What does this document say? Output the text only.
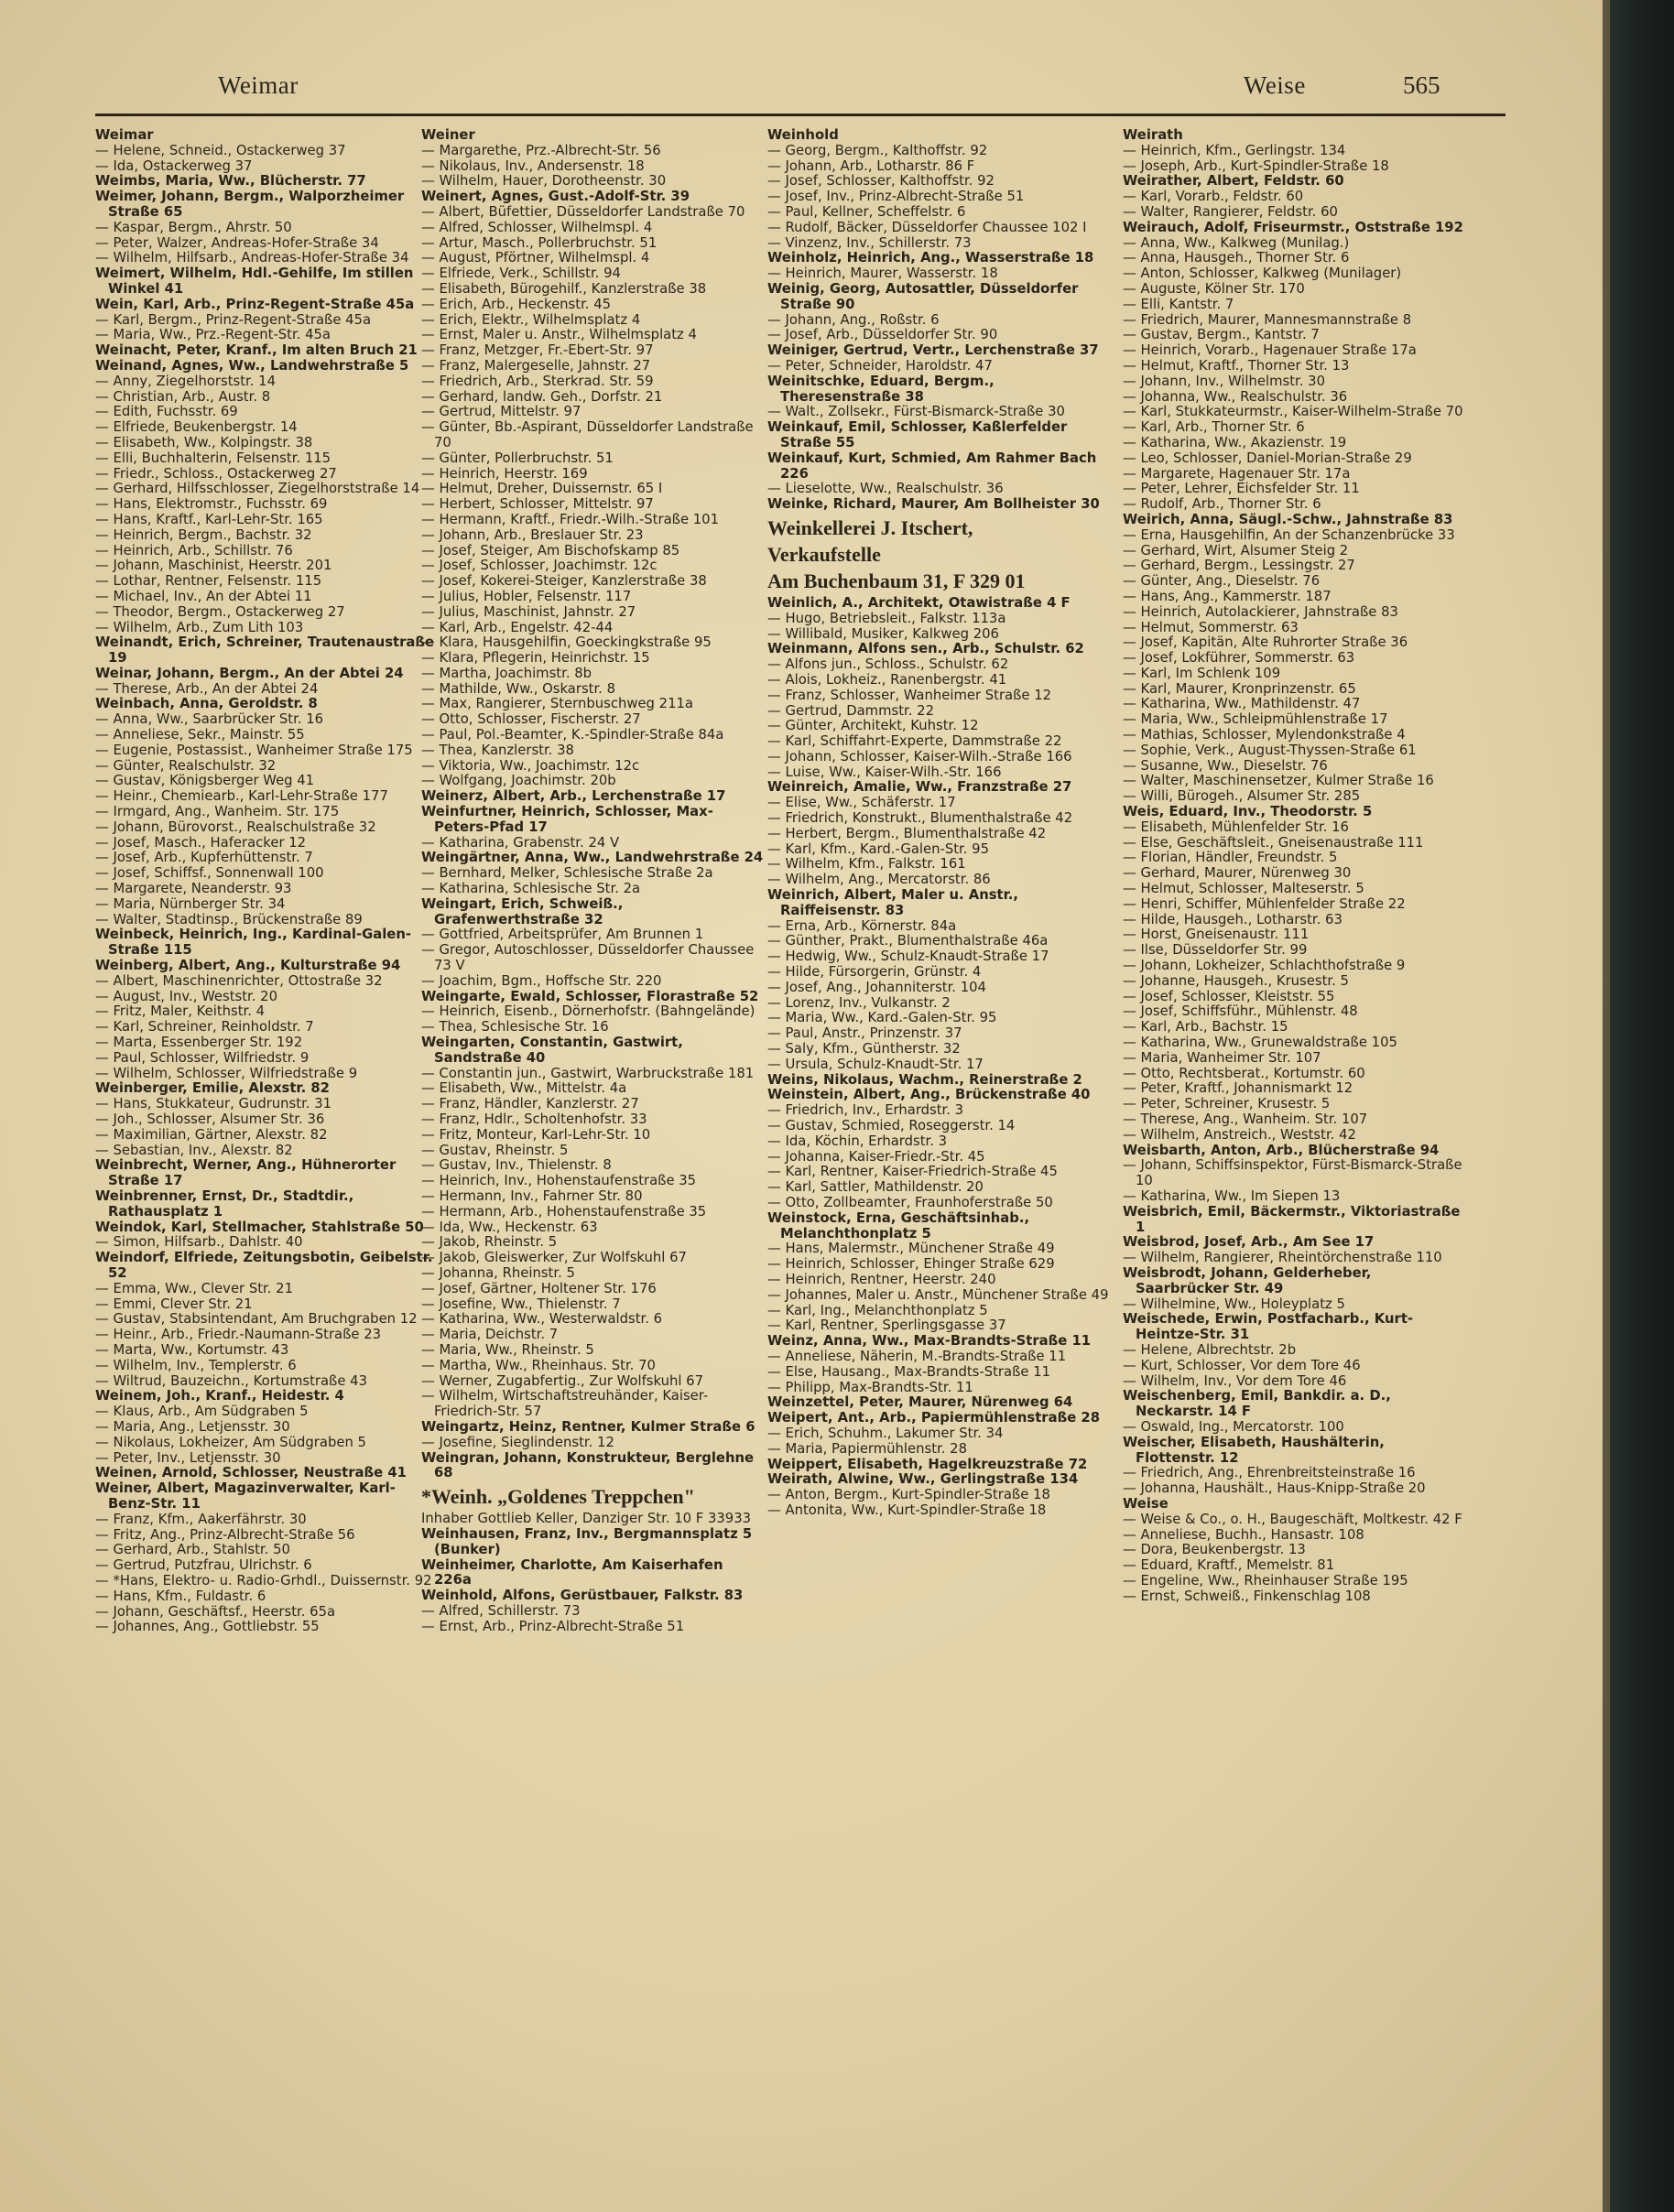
Weimar	Weise	565

Weimar

— Helene, Schneid., Ostackerweg 37

— Ida, Ostackerweg 37

Weimbs, Maria, Ww., Blücherstr. 77

Weimer, Johann, Bergm., Walporzheimer Straße 65

— Kaspar, Bergm., Ahrstr. 50

— Peter, Walzer, Andreas-Hofer-Straße 34

— Wilhelm, Hilfsarb., Andreas-Hofer-Straße 34

Weimert, Wilhelm, Hdl.-Gehilfe, Im stillen Winkel 41

Wein, Karl, Arb., Prinz-Regent-Straße 45a

— Karl, Bergm., Prinz-Regent-Straße 45a

— Maria, Ww., Prz.-Regent-Str. 45a

Weinacht, Peter, Kranf., Im alten Bruch 21

Weinand, Agnes, Ww., Landwehrstraße 5

— Anny, Ziegelhorststr. 14

— Christian, Arb., Austr. 8

— Edith, Fuchsstr. 69

— Elfriede, Beukenbergstr. 14

— Elisabeth, Ww., Kolpingstr. 38

— Elli, Buchhalterin, Felsenstr. 115

— Friedr., Schloss., Ostackerweg 27

— Gerhard, Hilfsschlosser, Ziegelhorststraße 14

— Hans, Elektromstr., Fuchsstr. 69

— Hans, Kraftf., Karl-Lehr-Str. 165

— Heinrich, Bergm., Bachstr. 32

— Heinrich, Arb., Schillstr. 76

— Johann, Maschinist, Heerstr. 201

— Lothar, Rentner, Felsenstr. 115

— Michael, Inv., An der Abtei 11

— Theodor, Bergm., Ostackerweg 27

— Wilhelm, Arb., Zum Lith 103

Weinandt, Erich, Schreiner, Trautenaustraße 19

Weinar, Johann, Bergm., An der Abtei 24

— Therese, Arb., An der Abtei 24

Weinbach, Anna, Geroldstr. 8

— Anna, Ww., Saarbrücker Str. 16

— Anneliese, Sekr., Mainstr. 55

— Eugenie, Postassist., Wanheimer Straße 175

— Günter, Realschulstr. 32

— Gustav, Königsberger Weg 41

— Heinr., Chemiearb., Karl-Lehr-Straße 177

— Irmgard, Ang., Wanheim. Str. 175

— Johann, Bürovorst., Realschulstraße 32

— Josef, Masch., Haferacker 12

— Josef, Arb., Kupferhüttenstr. 7

— Josef, Schiffsf., Sonnenwall 100

— Margarete, Neanderstr. 93

— Maria, Nürnberger Str. 34

— Walter, Stadtinsp., Brückenstraße 89

Weinbeck, Heinrich, Ing., Kardinal-Galen-Straße 115

Weinberg, Albert, Ang., Kulturstraße 94

— Albert, Maschinenrichter, Ottostraße 32

— August, Inv., Weststr. 20

— Fritz, Maler, Keithstr. 4

— Karl, Schreiner, Reinholdstr. 7

— Marta, Essenberger Str. 192

— Paul, Schlosser, Wilfriedstr. 9

— Wilhelm, Schlosser, Wilfriedstraße 9

Weinberger, Emilie, Alexstr. 82

— Hans, Stukkateur, Gudrunstr. 31

— Joh., Schlosser, Alsumer Str. 36

— Maximilian, Gärtner, Alexstr. 82

— Sebastian, Inv., Alexstr. 82

Weinbrecht, Werner, Ang., Hühnerorter Straße 17

Weinbrenner, Ernst, Dr., Stadtdir., Rathausplatz 1

Weindok, Karl, Stellmacher, Stahlstraße 50

— Simon, Hilfsarb., Dahlstr. 40

Weindorf, Elfriede, Zeitungsbotin, Geibelstr. 52

— Emma, Ww., Clever Str. 21

— Emmi, Clever Str. 21

— Gustav, Stabsintendant, Am Bruchgraben 12

— Heinr., Arb., Friedr.-Naumann-Straße 23

— Marta, Ww., Kortumstr. 43

— Wilhelm, Inv., Templerstr. 6

— Wiltrud, Bauzeichn., Kortumstraße 43

Weinem, Joh., Kranf., Heidestr. 4

— Klaus, Arb., Am Südgraben 5

— Maria, Ang., Letjensstr. 30

— Nikolaus, Lokheizer, Am Südgraben 5

— Peter, Inv., Letjensstr. 30

Weinen, Arnold, Schlosser, Neustraße 41

Weiner, Albert, Magazinverwalter, Karl-Benz-Str. 11

— Franz, Kfm., Aakerfährstr. 30

— Fritz, Ang., Prinz-Albrecht-Straße 56

— Gerhard, Arb., Stahlstr. 50

— Gertrud, Putzfrau, Ulrichstr. 6

— *Hans, Elektro- u. Radio-Grhdl., Duissernstr. 92

— Hans, Kfm., Fuldastr. 6

— Johann, Geschäftsf., Heerstr. 65a

— Johannes, Ang., Gottliebstr. 55

Weiner

— Margarethe, Prz.-Albrecht-Str. 56

— Nikolaus, Inv., Andersenstr. 18

— Wilhelm, Hauer, Dorotheenstr. 30

Weinert, Agnes, Gust.-Adolf-Str. 39

— Albert, Büfettier, Düsseldorfer Landstraße 70

— Alfred, Schlosser, Wilhelmspl. 4

— Artur, Masch., Pollerbruchstr. 51

— August, Pförtner, Wilhelmspl. 4

— Elfriede, Verk., Schillstr. 94

— Elisabeth, Bürogehilf., Kanzlerstraße 38

— Erich, Arb., Heckenstr. 45

— Erich, Elektr., Wilhelmsplatz 4

— Ernst, Maler u. Anstr., Wilhelmsplatz 4

— Franz, Metzger, Fr.-Ebert-Str. 97

— Franz, Malergeselle, Jahnstr. 27

— Friedrich, Arb., Sterkrad. Str. 59

— Gerhard, landw. Geh., Dorfstr. 21

— Gertrud, Mittelstr. 97

— Günter, Bb.-Aspirant, Düsseldorfer Landstraße 70

— Günter, Pollerbruchstr. 51

— Heinrich, Heerstr. 169

— Helmut, Dreher, Duissernstr. 65 I

— Herbert, Schlosser, Mittelstr. 97

— Hermann, Kraftf., Friedr.-Wilh.-Straße 101

— Johann, Arb., Breslauer Str. 23

— Josef, Steiger, Am Bischofskamp 85

— Josef, Schlosser, Joachimstr. 12c

— Josef, Kokerei-Steiger, Kanzlerstraße 38

— Julius, Hobler, Felsenstr. 117

— Julius, Maschinist, Jahnstr. 27

— Karl, Arb., Engelstr. 42-44

— Klara, Hausgehilfin, Goeckingkstraße 95

— Klara, Pflegerin, Heinrichstr. 15

— Martha, Joachimstr. 8b

— Mathilde, Ww., Oskarstr. 8

— Max, Rangierer, Sternbuschweg 211a

— Otto, Schlosser, Fischerstr. 27

— Paul, Pol.-Beamter, K.-Spindler-Straße 84a

— Thea, Kanzlerstr. 38

— Viktoria, Ww., Joachimstr. 12c

— Wolfgang, Joachimstr. 20b

Weinerz, Albert, Arb., Lerchenstraße 17

Weinfurtner, Heinrich, Schlosser, Max-Peters-Pfad 17

— Katharina, Grabenstr. 24 V

Weingärtner, Anna, Ww., Landwehrstraße 24

— Bernhard, Melker, Schlesische Straße 2a

— Katharina, Schlesische Str. 2a

Weingart, Erich, Schweiß., Grafenwerthstraße 32

— Gottfried, Arbeitsprüfer, Am Brunnen 1

— Gregor, Autoschlosser, Düsseldorfer Chaussee 73 V

— Joachim, Bgm., Hoffsche Str. 220

Weingarte, Ewald, Schlosser, Florastraße 52

— Heinrich, Eisenb., Dörnerhofstr. (Bahngelände)

— Thea, Schlesische Str. 16

Weingarten, Constantin, Gastwirt, Sandstraße 40

— Constantin jun., Gastwirt, Warbruckstraße 181

— Elisabeth, Ww., Mittelstr. 4a

— Franz, Händler, Kanzlerstr. 27

— Franz, Hdlr., Scholtenhofstr. 33

— Fritz, Monteur, Karl-Lehr-Str. 10

— Gustav, Rheinstr. 5

— Gustav, Inv., Thielenstr. 8

— Heinrich, Inv., Hohenstaufenstraße 35

— Hermann, Inv., Fahrner Str. 80

— Hermann, Arb., Hohenstaufenstraße 35

— Ida, Ww., Heckenstr. 63

— Jakob, Rheinstr. 5

— Jakob, Gleiswerker, Zur Wolfskuhl 67

— Johanna, Rheinstr. 5

— Josef, Gärtner, Holtener Str. 176

— Josefine, Ww., Thielenstr. 7

— Katharina, Ww., Westerwaldstr. 6

— Maria, Deichstr. 7

— Maria, Ww., Rheinstr. 5

— Martha, Ww., Rheinhaus. Str. 70

— Werner, Zugabfertig., Zur Wolfskuhl 67

— Wilhelm, Wirtschaftstreuhänder, Kaiser-Friedrich-Str. 57

Weingartz, Heinz, Rentner, Kulmer Straße 6

— Josefine, Sieglindenstr. 12

Weingran, Johann, Konstrukteur, Berglehne 68

*Weinh. „Goldenes Treppchen"

Inhaber Gottlieb Keller, Danziger Str. 10 F 33933

Weinhausen, Franz, Inv., Bergmannsplatz 5 (Bunker)

Weinheimer, Charlotte, Am Kaiserhafen 226a

Weinhold, Alfons, Gerüstbauer, Falkstr. 83

— Alfred, Schillerstr. 73

— Ernst, Arb., Prinz-Albrecht-Straße 51

Weinhold

— Georg, Bergm., Kalthoffstr. 92

— Johann, Arb., Lotharstr. 86 F

— Josef, Schlosser, Kalthoffstr. 92

— Josef, Inv., Prinz-Albrecht-Straße 51

— Paul, Kellner, Scheffelstr. 6

— Rudolf, Bäcker, Düsseldorfer Chaussee 102 I

— Vinzenz, Inv., Schillerstr. 73

Weinholz, Heinrich, Ang., Wasserstraße 18

— Heinrich, Maurer, Wasserstr. 18

Weinig, Georg, Autosattler, Düsseldorfer Straße 90

— Johann, Ang., Roßstr. 6

— Josef, Arb., Düsseldorfer Str. 90

Weiniger, Gertrud, Vertr., Lerchenstraße 37

— Peter, Schneider, Haroldstr. 47

Weinitschke, Eduard, Bergm., Theresenstraße 38

— Walt., Zollsekr., Fürst-Bismarck-Straße 30

Weinkauf, Emil, Schlosser, Kaßlerfelder Straße 55

Weinkauf, Kurt, Schmied, Am Rahmer Bach 226

— Lieselotte, Ww., Realschulstr. 36

Weinke, Richard, Maurer, Am Bollheister 30

Weinkellerei J. Itschert,

Verkaufstelle

Am Buchenbaum 31, F 329 01

Weinlich, A., Architekt, Otawistraße 4 F

— Hugo, Betriebsleit., Falkstr. 113a

— Willibald, Musiker, Kalkweg 206

Weinmann, Alfons sen., Arb., Schulstr. 62

— Alfons jun., Schloss., Schulstr. 62

— Alois, Lokheiz., Ranenbergstr. 41

— Franz, Schlosser, Wanheimer Straße 12

— Gertrud, Dammstr. 22

— Günter, Architekt, Kuhstr. 12

— Karl, Schiffahrt-Experte, Dammstraße 22

— Johann, Schlosser, Kaiser-Wilh.-Straße 166

— Luise, Ww., Kaiser-Wilh.-Str. 166

Weinreich, Amalie, Ww., Franzstraße 27

— Elise, Ww., Schäferstr. 17

— Friedrich, Konstrukt., Blumenthalstraße 42

— Herbert, Bergm., Blumenthalstraße 42

— Karl, Kfm., Kard.-Galen-Str. 95

— Wilhelm, Kfm., Falkstr. 161

— Wilhelm, Ang., Mercatorstr. 86

Weinrich, Albert, Maler u. Anstr., Raiffeisenstr. 83

— Erna, Arb., Körnerstr. 84a

— Günther, Prakt., Blumenthalstraße 46a

— Hedwig, Ww., Schulz-Knaudt-Straße 17

— Hilde, Fürsorgerin, Grünstr. 4

— Josef, Ang., Johanniterstr. 104

— Lorenz, Inv., Vulkanstr. 2

— Maria, Ww., Kard.-Galen-Str. 95

— Paul, Anstr., Prinzenstr. 37

— Saly, Kfm., Güntherstr. 32

— Ursula, Schulz-Knaudt-Str. 17

Weins, Nikolaus, Wachm., Reinerstraße 2

Weinstein, Albert, Ang., Brückenstraße 40

— Friedrich, Inv., Erhardstr. 3

— Gustav, Schmied, Roseggerstr. 14

— Ida, Köchin, Erhardstr. 3

— Johanna, Kaiser-Friedr.-Str. 45

— Karl, Rentner, Kaiser-Friedrich-Straße 45

— Karl, Sattler, Mathildenstr. 20

— Otto, Zollbeamter, Fraunhoferstraße 50

Weinstock, Erna, Geschäftsinhab., Melanchthonplatz 5

— Hans, Malermstr., Münchener Straße 49

— Heinrich, Schlosser, Ehinger Straße 629

— Heinrich, Rentner, Heerstr. 240

— Johannes, Maler u. Anstr., Münchener Straße 49

— Karl, Ing., Melanchthonplatz 5

— Karl, Rentner, Sperlingsgasse 37

Weinz, Anna, Ww., Max-Brandts-Straße 11

— Anneliese, Näherin, M.-Brandts-Straße 11

— Else, Hausang., Max-Brandts-Straße 11

— Philipp, Max-Brandts-Str. 11

Weinzettel, Peter, Maurer, Nürenweg 64

Weipert, Ant., Arb., Papiermühlenstraße 28

— Erich, Schuhm., Lakumer Str. 34

— Maria, Papiermühlenstr. 28

Weippert, Elisabeth, Hagelkreuzstraße 72

Weirath, Alwine, Ww., Gerlingstraße 134

— Anton, Bergm., Kurt-Spindler-Straße 18

— Antonita, Ww., Kurt-Spindler-Straße 18

Weirath

— Heinrich, Kfm., Gerlingstr. 134

— Joseph, Arb., Kurt-Spindler-Straße 18

Weirather, Albert, Feldstr. 60

— Karl, Vorarb., Feldstr. 60

— Walter, Rangierer, Feldstr. 60

Weirauch, Adolf, Friseurmstr., Oststraße 192

— Anna, Ww., Kalkweg (Munilag.)

— Anna, Hausgeh., Thorner Str. 6

— Anton, Schlosser, Kalkweg (Munilager)

— Auguste, Kölner Str. 170

— Elli, Kantstr. 7

— Friedrich, Maurer, Mannesmannstraße 8

— Gustav, Bergm., Kantstr. 7

— Heinrich, Vorarb., Hagenauer Straße 17a

— Helmut, Kraftf., Thorner Str. 13

— Johann, Inv., Wilhelmstr. 30

— Johanna, Ww., Realschulstr. 36

— Karl, Stukkateurmstr., Kaiser-Wilhelm-Straße 70

— Karl, Arb., Thorner Str. 6

— Katharina, Ww., Akazienstr. 19

— Leo, Schlosser, Daniel-Morian-Straße 29

— Margarete, Hagenauer Str. 17a

— Peter, Lehrer, Eichsfelder Str. 11

— Rudolf, Arb., Thorner Str. 6

Weirich, Anna, Säugl.-Schw., Jahnstraße 83

— Erna, Hausgehilfin, An der Schanzenbrücke 33

— Gerhard, Wirt, Alsumer Steig 2

— Gerhard, Bergm., Lessingstr. 27

— Günter, Ang., Dieselstr. 76

— Hans, Ang., Kammerstr. 187

— Heinrich, Autolackierer, Jahnstraße 83

— Helmut, Sommerstr. 63

— Josef, Kapitän, Alte Ruhrorter Straße 36

— Josef, Lokführer, Sommerstr. 63

— Karl, Im Schlenk 109

— Karl, Maurer, Kronprinzenstr. 65

— Katharina, Ww., Mathildenstr. 47

— Maria, Ww., Schleipmühlenstraße 17

— Mathias, Schlosser, Mylendonkstraße 4

— Sophie, Verk., August-Thyssen-Straße 61

— Susanne, Ww., Dieselstr. 76

— Walter, Maschinensetzer, Kulmer Straße 16

— Willi, Bürogeh., Alsumer Str. 285

Weis, Eduard, Inv., Theodorstr. 5

— Elisabeth, Mühlenfelder Str. 16

— Else, Geschäftsleit., Gneisenaustraße 111

— Florian, Händler, Freundstr. 5

— Gerhard, Maurer, Nürenweg 30

— Helmut, Schlosser, Malteserstr. 5

— Henri, Schiffer, Mühlenfelder Straße 22

— Hilde, Hausgeh., Lotharstr. 63

— Horst, Gneisenaustr. 111

— Ilse, Düsseldorfer Str. 99

— Johann, Lokheizer, Schlachthofstraße 9

— Johanne, Hausgeh., Krusestr. 5

— Josef, Schlosser, Kleiststr. 55

— Josef, Schiffsführ., Mühlenstr. 48

— Karl, Arb., Bachstr. 15

— Katharina, Ww., Grunewaldstraße 105

— Maria, Wanheimer Str. 107

— Otto, Rechtsberat., Kortumstr. 60

— Peter, Kraftf., Johannismarkt 12

— Peter, Schreiner, Krusestr. 5

— Therese, Ang., Wanheim. Str. 107

— Wilhelm, Anstreich., Weststr. 42

Weisbarth, Anton, Arb., Blücherstraße 94

— Johann, Schiffsinspektor, Fürst-Bismarck-Straße 10

— Katharina, Ww., Im Siepen 13

Weisbrich, Emil, Bäckermstr., Viktoriastraße 1

Weisbrod, Josef, Arb., Am See 17

— Wilhelm, Rangierer, Rheintörchenstraße 110

Weisbrodt, Johann, Gelderheber, Saarbrücker Str. 49

— Wilhelmine, Ww., Holeyplatz 5

Weischede, Erwin, Postfacharb., Kurt-Heintze-Str. 31

— Helene, Albrechtstr. 2b

— Kurt, Schlosser, Vor dem Tore 46

— Wilhelm, Inv., Vor dem Tore 46

Weischenberg, Emil, Bankdir. a. D., Neckarstr. 14 F

— Oswald, Ing., Mercatorstr. 100

Weischer, Elisabeth, Haushälterin, Flottenstr. 12

— Friedrich, Ang., Ehrenbreitsteinstraße 16

— Johanna, Haushält., Haus-Knipp-Straße 20

Weise

— Weise & Co., o. H., Baugeschäft, Moltkestr. 42 F

— Anneliese, Buchh., Hansastr. 108

— Dora, Beukenbergstr. 13

— Eduard, Kraftf., Memelstr. 81

— Engeline, Ww., Rheinhauser Straße 195

— Ernst, Schweiß., Finkenschlag 108
